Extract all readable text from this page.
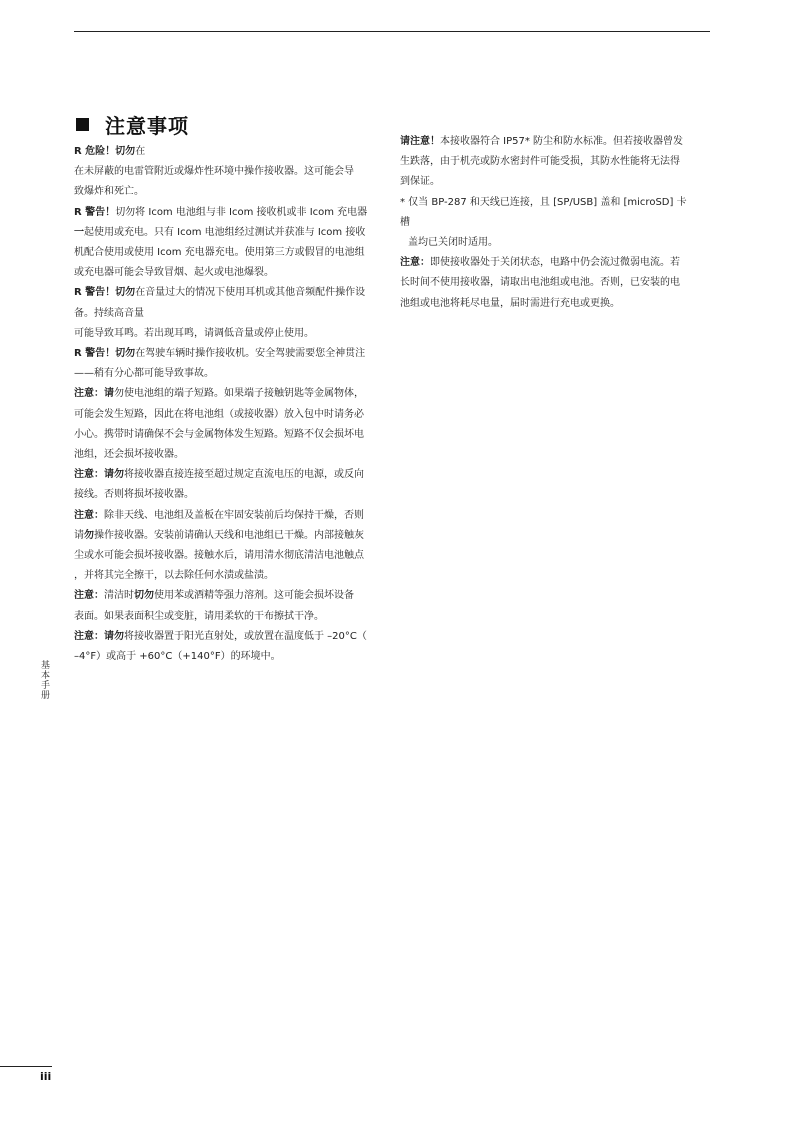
注意事项

R 危险！切勿在
在未屏蔽的电雷管附近或爆炸性环境中操作接收器。这可能会导
致爆炸和死亡。

R 警告！切勿将 Icom 电池组与非 Icom 接收机或非 Icom 充电器
一起使用或充电。只有 Icom 电池组经过测试并获准与 Icom 接收
机配合使用或使用 Icom 充电器充电。使用第三方或假冒的电池组
或充电器可能会导致冒烟、起火或电池爆裂。

R 警告！切勿在音量过大的情况下使用耳机或其他音频配件操作设
备。持续高音量
可能导致耳鸣。若出现耳鸣，请调低音量或停止使用。

R 警告！切勿在驾驶车辆时操作接收机。安全驾驶需要您全神贯注
——稍有分心都可能导致事故。

注意：请勿使电池组的端子短路。如果端子接触钥匙等金属物体，
可能会发生短路，因此在将电池组（或接收器）放入包中时请务必
小心。携带时请确保不会与金属物体发生短路。短路不仅会损坏电
池组，还会损坏接收器。

注意：请勿将接收器直接连接至超过规定直流电压的电源，或反向
接线。否则将损坏接收器。

注意：除非天线、电池组及盖板在牢固安装前后均保持干燥，否则
请勿操作接收器。安装前请确认天线和电池组已干燥。内部接触灰
尘或水可能会损坏接收器。接触水后，请用清水彻底清洁电池触点
，并将其完全擦干，以去除任何水渍或盐渍。

注意：清洁时切勿使用苯或酒精等强力溶剂。这可能会损坏设备
表面。如果表面积尘或变脏，请用柔软的干布擦拭干净。

注意：请勿将接收器置于阳光直射处，或放置在温度低于 –20°C（
–4°F）或高于 +60°C（+140°F）的环境中。

请注意！本接收器符合 IP57* 防尘和防水标准。但若接收器曾发
生跌落，由于机壳或防水密封件可能受损，其防水性能将无法得
到保证。

* 仅当 BP-287 和天线已连接，且 [SP/USB] 盖和 [microSD] 卡槽
盖均已关闭时适用。

注意：即使接收器处于关闭状态，电路中仍会流过微弱电流。若
长时间不使用接收器，请取出电池组或电池。否则，已安装的电
池组或电池将耗尽电量，届时需进行充电或更换。

基本手册
iii
